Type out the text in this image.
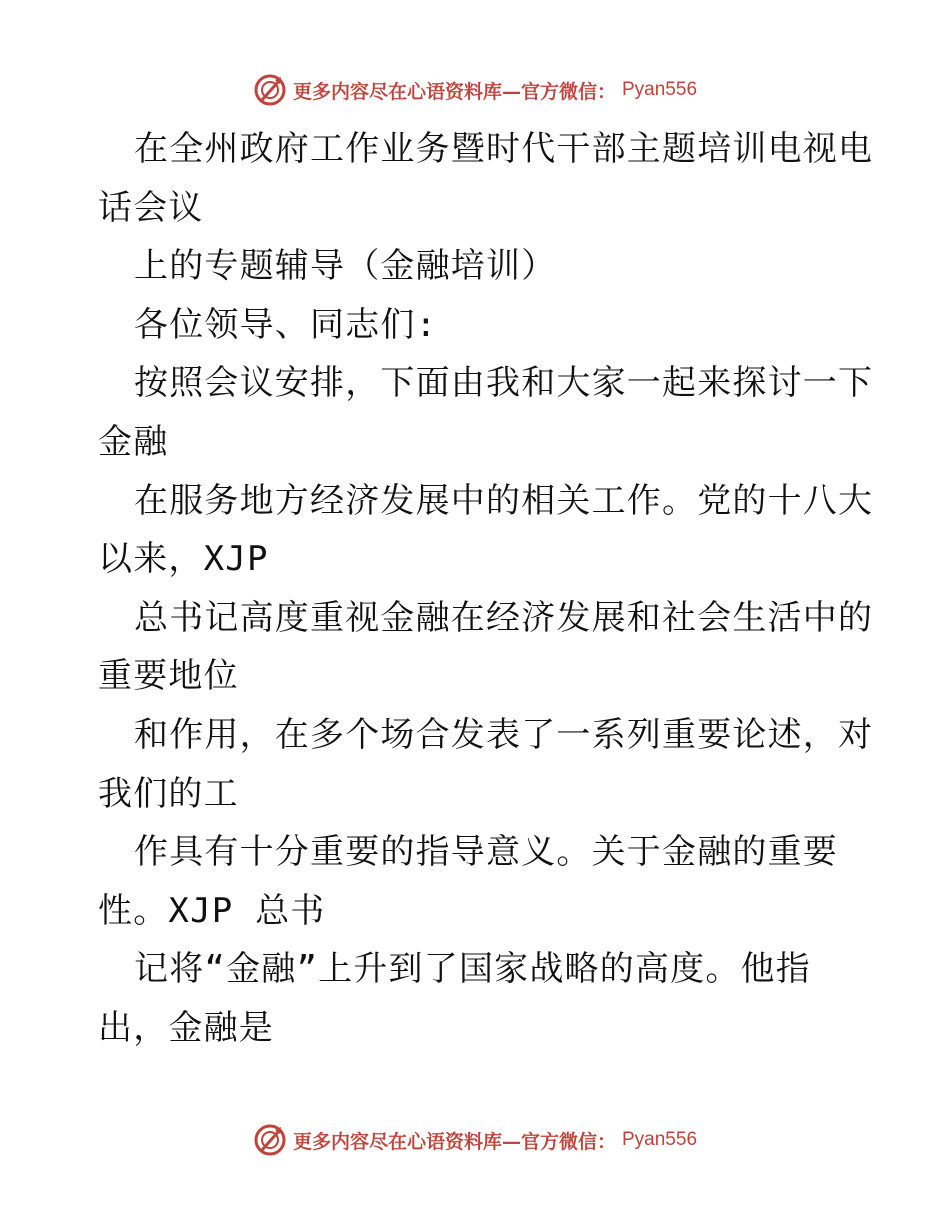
更多内容尽在心语资料库—官方微信： Pyan556
在全州政府工作业务暨时代干部主题培训电视电
话会议
上的专题辅导（金融培训）
各位领导、同志们:
按照会议安排，下面由我和大家一起来探讨一下
金融
在服务地方经济发展中的相关工作。党的十八大
以来，XJP
总书记高度重视金融在经济发展和社会生活中的
重要地位
和作用，在多个场合发表了一系列重要论述，对
我们的工
作具有十分重要的指导意义。关于金融的重要
性。XJP 总书
记将“金融”上升到了国家战略的高度。他指
出，金融是
更多内容尽在心语资料库—官方微信： Pyan556
